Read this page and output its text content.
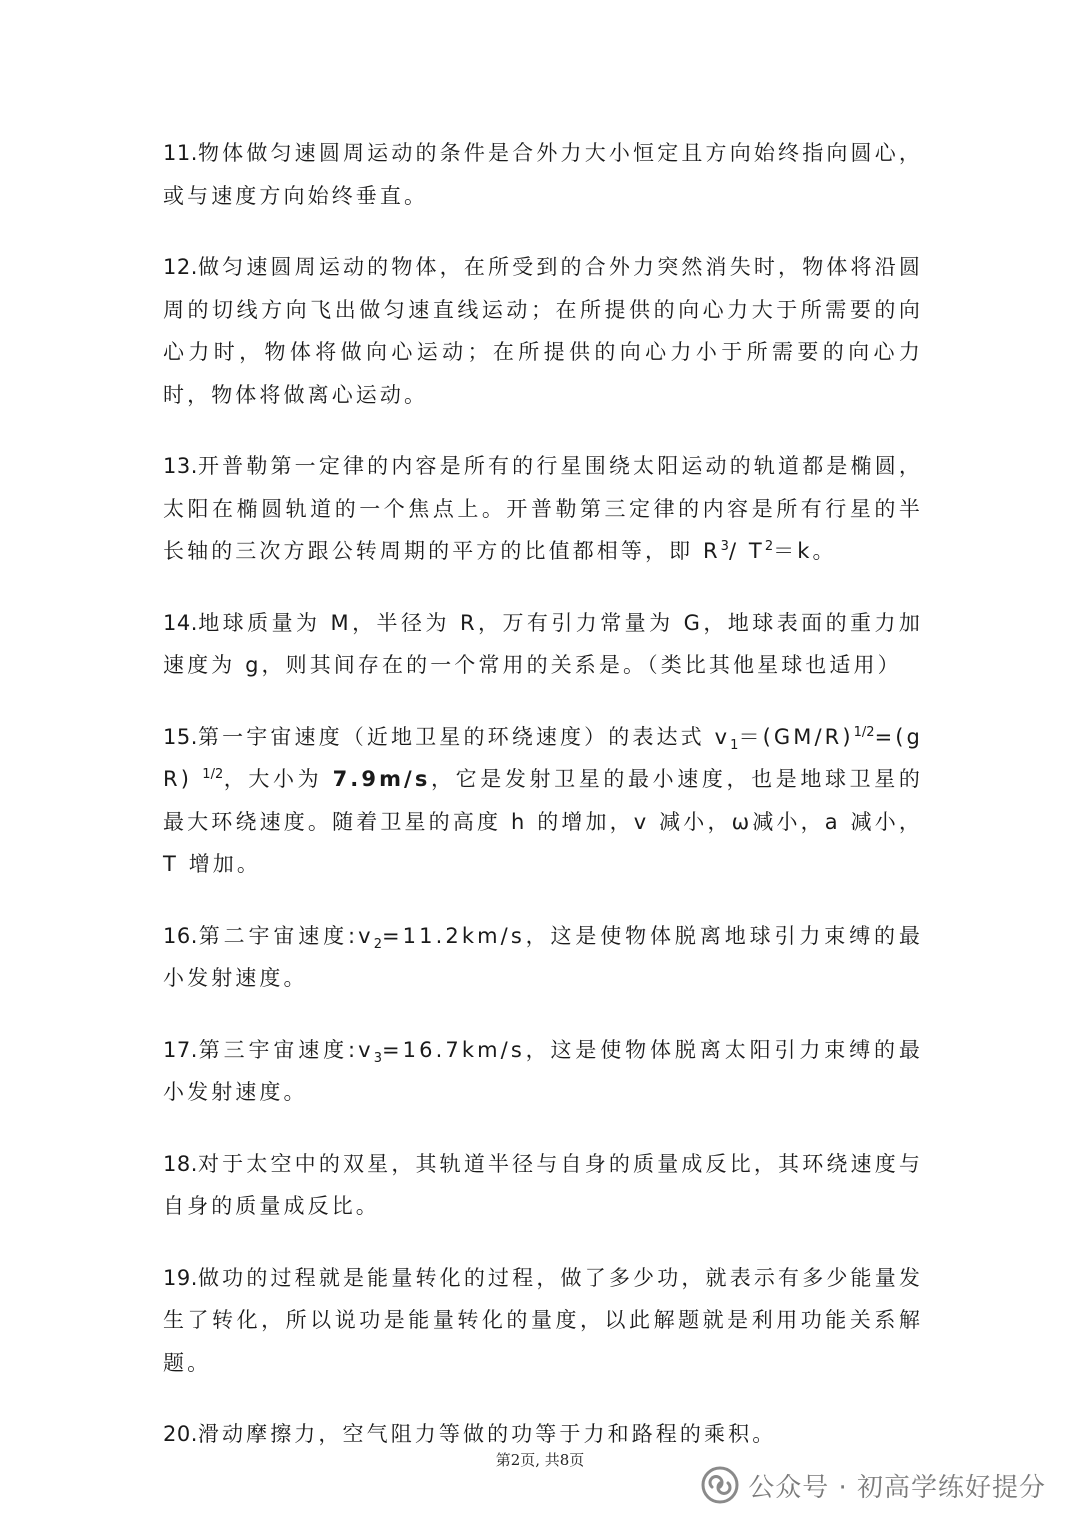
11.物体做匀速圆周运动的条件是合外力大小恒定且方向始终指向圆心，或与速度方向始终垂直。

12.做匀速圆周运动的物体，在所受到的合外力突然消失时，物体将沿圆周的切线方向飞出做匀速直线运动；在所提供的向心力大于所需要的向心力时，物体将做向心运动；在所提供的向心力小于所需要的向心力时，物体将做离心运动。

13.开普勒第一定律的内容是所有的行星围绕太阳运动的轨道都是椭圆，太阳在椭圆轨道的一个焦点上。开普勒第三定律的内容是所有行星的半长轴的三次方跟公转周期的平方的比值都相等，即 $R^3/$ $T^2=k$。

14.地球质量为 M，半径为 R，万有引力常量为 G，地球表面的重力加速度为 g，则其间存在的一个常用的关系是。（类比其他星球也适用）

15.第一宇宙速度（近地卫星的环绕速度）的表达式 $v_1=(GM/R)^{1/2}=(gR)$ $^{1/2}$，大小为 7.9m/s，它是发射卫星的最小速度，也是地球卫星的最大环绕速度。随着卫星的高度 h 的增加，v 减小，ω减小，a 减小，T 增加。

16.第二宇宙速度$:v_2=11.2km/s$，这是使物体脱离地球引力束缚的最小发射速度。

17.第三宇宙速度$:v_3=16.7km/s$，这是使物体脱离太阳引力束缚的最小发射速度。

18.对于太空中的双星，其轨道半径与自身的质量成反比，其环绕速度与自身的质量成反比。

19.做功的过程就是能量转化的过程，做了多少功，就表示有多少能量发生了转化，所以说功是能量转化的量度，以此解题就是利用功能关系解题。

20.滑动摩擦力，空气阻力等做的功等于力和路程的乘积。

第2页, 共8页
公众号 · 初高学练好提分
